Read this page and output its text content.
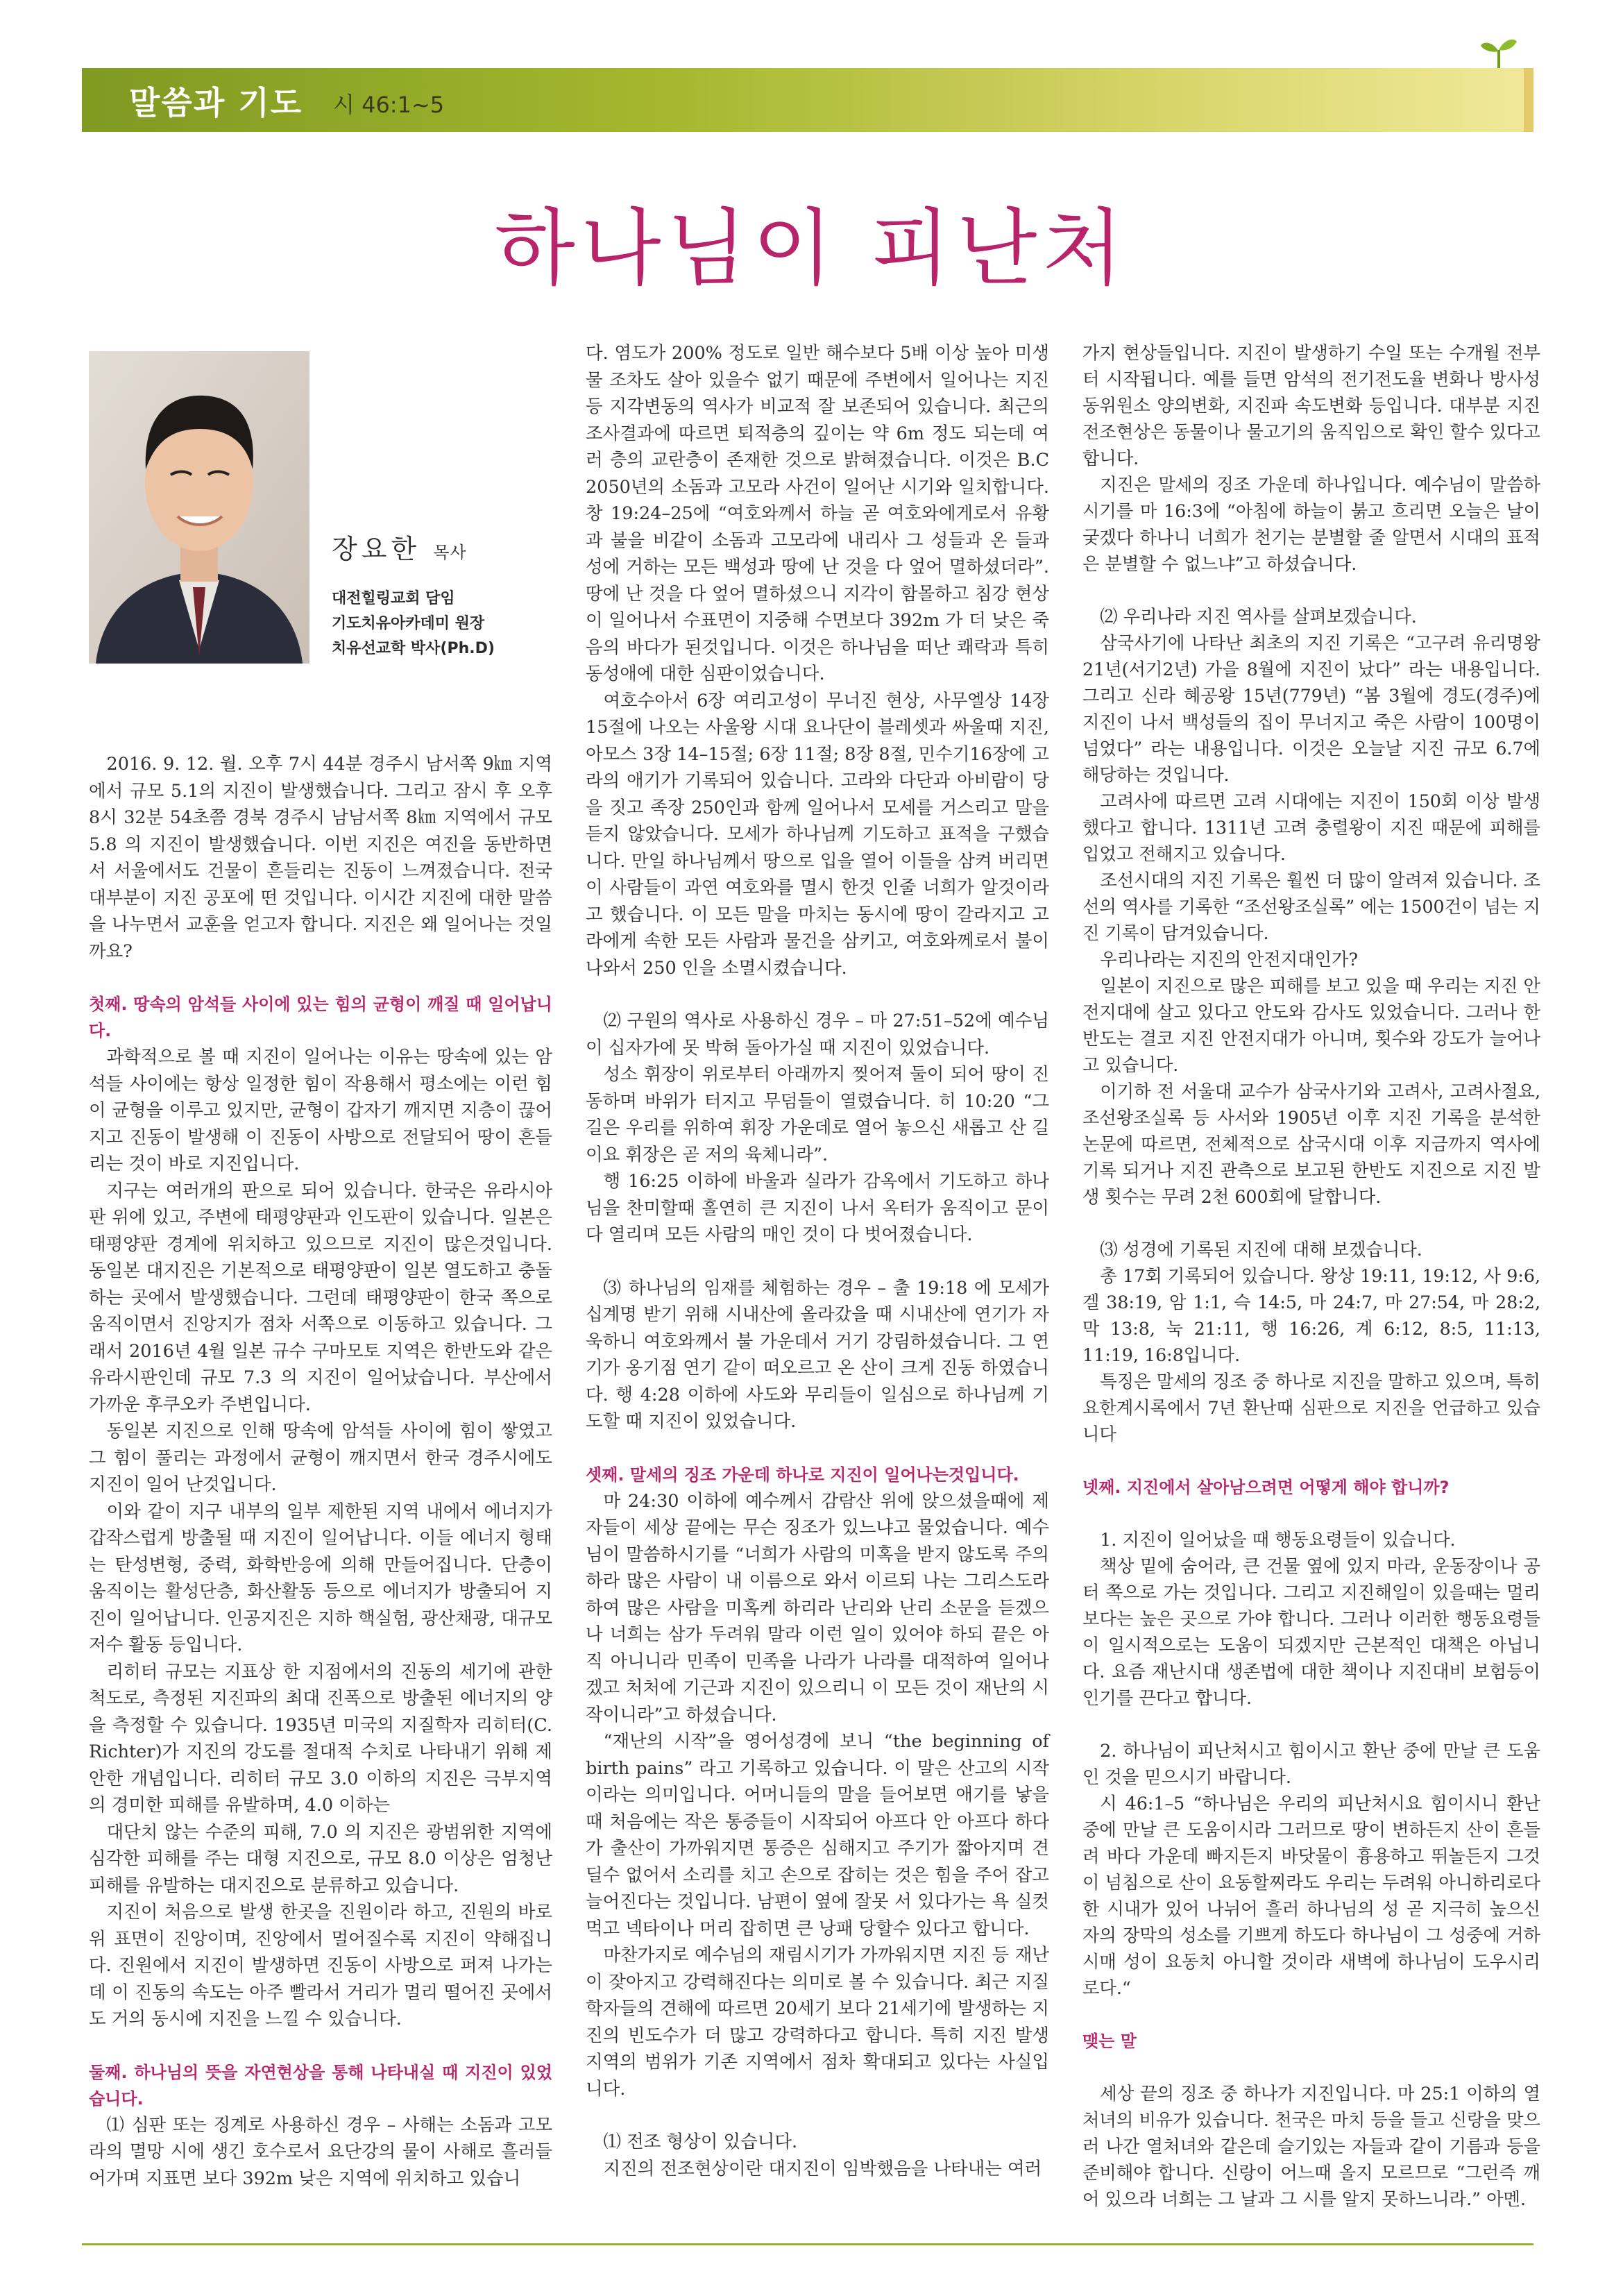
말씀과 기도 시 46:1~5
하나님이 피난처
장요한 목사
대전힐링교회 담임
기도치유아카데미 원장
치유선교학 박사(Ph.D)

2016. 9. 12. 월. 오후 7시 44분 경주시 남서쪽 9㎞ 지역에서 규모 5.1의 지진이 발생했습니다. 그리고 잠시 후 오후 8시 32분 54초쯤 경북 경주시 남남서쪽 8㎞ 지역에서 규모 5.8 의 지진이 발생했습니다. 이번 지진은 여진을 동반하면서 서울에서도 건물이 흔들리는 진동이 느껴졌습니다. 전국 대부분이 지진 공포에 떤 것입니다. 이시간 지진에 대한 말씀을 나누면서 교훈을 얻고자 합니다. 지진은 왜 일어나는 것일까요?

첫째. 땅속의 암석들 사이에 있는 힘의 균형이 깨질 때 일어납니다.

과학적으로 볼 때 지진이 일어나는 이유는 땅속에 있는 암석들 사이에는 항상 일정한 힘이 작용해서 평소에는 이런 힘이 균형을 이루고 있지만, 균형이 갑자기 깨지면 지층이 끊어지고 진동이 발생해 이 진동이 사방으로 전달되어 땅이 흔들리는 것이 바로 지진입니다.

지구는 여러개의 판으로 되어 있습니다. 한국은 유라시아 판 위에 있고, 주변에 태평양판과 인도판이 있습니다. 일본은 태평양판 경계에 위치하고 있으므로 지진이 많은것입니다. 동일본 대지진은 기본적으로 태평양판이 일본 열도하고 충돌하는 곳에서 발생했습니다. 그런데 태평양판이 한국 쪽으로 움직이면서 진앙지가 점차 서쪽으로 이동하고 있습니다. 그래서 2016년 4월 일본 규수 구마모토 지역은 한반도와 같은 유라시판인데 규모 7.3 의 지진이 일어났습니다. 부산에서 가까운 후쿠오카 주변입니다.

동일본 지진으로 인해 땅속에 암석들 사이에 힘이 쌓였고 그 힘이 풀리는 과정에서 균형이 깨지면서 한국 경주시에도 지진이 일어 난것입니다.

이와 같이 지구 내부의 일부 제한된 지역 내에서 에너지가 갑작스럽게 방출될 때 지진이 일어납니다. 이들 에너지 형태는 탄성변형, 중력, 화학반응에 의해 만들어집니다. 단층이 움직이는 활성단층, 화산활동 등으로 에너지가 방출되어 지진이 일어납니다. 인공지진은 지하 핵실험, 광산채광, 대규모 저수 활동 등입니다.

리히터 규모는 지표상 한 지점에서의 진동의 세기에 관한 척도로, 측정된 지진파의 최대 진폭으로 방출된 에너지의 양을 측정할 수 있습니다. 1935년 미국의 지질학자 리히터(C. Richter)가 지진의 강도를 절대적 수치로 나타내기 위해 제안한 개념입니다. 리히터 규모 3.0 이하의 지진은 극부지역의 경미한 피해를 유발하며, 4.0 이하는

대단치 않는 수준의 피해, 7.0 의 지진은 광범위한 지역에 심각한 피해를 주는 대형 지진으로, 규모 8.0 이상은 엄청난 피해를 유발하는 대지진으로 분류하고 있습니다.

지진이 처음으로 발생 한곳을 진원이라 하고, 진원의 바로 위 표면이 진앙이며, 진앙에서 멀어질수록 지진이 약해집니다. 진원에서 지진이 발생하면 진동이 사방으로 퍼져 나가는데 이 진동의 속도는 아주 빨라서 거리가 멀리 떨어진 곳에서도 거의 동시에 지진을 느낄 수 있습니다.

둘째. 하나님의 뜻을 자연현상을 통해 나타내실 때 지진이 있었습니다.

⑴ 심판 또는 징계로 사용하신 경우 – 사해는 소돔과 고모라의 멸망 시에 생긴 호수로서 요단강의 물이 사해로 흘러들어가며 지표면 보다 392m 낮은 지역에 위치하고 있습니

다. 염도가 200% 정도로 일반 해수보다 5배 이상 높아 미생물 조차도 살아 있을수 없기 때문에 주변에서 일어나는 지진 등 지각변동의 역사가 비교적 잘 보존되어 있습니다. 최근의 조사결과에 따르면 퇴적층의 깊이는 약 6m 정도 되는데 여러 층의 교란층이 존재한 것으로 밝혀졌습니다. 이것은 B.C 2050년의 소돔과 고모라 사건이 일어난 시기와 일치합니다. 창 19:24–25에 “여호와께서 하늘 곧 여호와에게로서 유황과 불을 비같이 소돔과 고모라에 내리사 그 성들과 온 들과 성에 거하는 모든 백성과 땅에 난 것을 다 엎어 멸하셨더라”. 땅에 난 것을 다 엎어 멸하셨으니 지각이 함몰하고 침강 현상이 일어나서 수표면이 지중해 수면보다 392m 가 더 낮은 죽음의 바다가 된것입니다. 이것은 하나님을 떠난 쾌락과 특히 동성애에 대한 심판이었습니다.

여호수아서 6장 여리고성이 무너진 현상, 사무엘상 14장 15절에 나오는 사울왕 시대 요나단이 블레셋과 싸울때 지진, 아모스 3장 14–15절; 6장 11절; 8장 8절, 민수기16장에 고라의 애기가 기록되어 있습니다. 고라와 다단과 아비람이 당을 짓고 족장 250인과 함께 일어나서 모세를 거스리고 말을 듣지 않았습니다. 모세가 하나님께 기도하고 표적을 구했습니다. 만일 하나님께서 땅으로 입을 열어 이들을 삼켜 버리면 이 사람들이 과연 여호와를 멸시 한것 인줄 너희가 알것이라고 했습니다. 이 모든 말을 마치는 동시에 땅이 갈라지고 고라에게 속한 모든 사람과 물건을 삼키고, 여호와께로서 불이 나와서 250 인을 소멸시켰습니다.

⑵ 구원의 역사로 사용하신 경우 – 마 27:51–52에 예수님이 십자가에 못 박혀 돌아가실 때 지진이 있었습니다.

성소 휘장이 위로부터 아래까지 찢어져 둘이 되어 땅이 진동하며 바위가 터지고 무덤들이 열렸습니다. 히 10:20 “그 길은 우리를 위하여 휘장 가운데로 열어 놓으신 새롭고 산 길이요 휘장은 곧 저의 육체니라”.

행 16:25 이하에 바울과 실라가 감옥에서 기도하고 하나님을 찬미할때 홀연히 큰 지진이 나서 옥터가 움직이고 문이 다 열리며 모든 사람의 매인 것이 다 벗어졌습니다.

⑶ 하나님의 임재를 체험하는 경우 – 출 19:18 에 모세가 십계명 받기 위해 시내산에 올라갔을 때 시내산에 연기가 자욱하니 여호와께서 불 가운데서 거기 강림하셨습니다. 그 연기가 옹기점 연기 같이 떠오르고 온 산이 크게 진동 하였습니다. 행 4:28 이하에 사도와 무리들이 일심으로 하나님께 기도할 때 지진이 있었습니다.

셋째. 말세의 징조 가운데 하나로 지진이 일어나는것입니다.

마 24:30 이하에 예수께서 감람산 위에 앉으셨을때에 제자들이 세상 끝에는 무슨 징조가 있느냐고 물었습니다. 예수님이 말씀하시기를 “너희가 사람의 미혹을 받지 않도록 주의 하라 많은 사람이 내 이름으로 와서 이르되 나는 그리스도라 하여 많은 사람을 미혹케 하리라 난리와 난리 소문을 듣겠으나 너희는 삼가 두려워 말라 이런 일이 있어야 하되 끝은 아직 아니니라 민족이 민족을 나라가 나라를 대적하여 일어나겠고 처처에 기근과 지진이 있으리니 이 모든 것이 재난의 시작이니라”고 하셨습니다.

“재난의 시작”을 영어성경에 보니 “the beginning of birth pains” 라고 기록하고 있습니다. 이 말은 산고의 시작이라는 의미입니다. 어머니들의 말을 들어보면 애기를 낳을 때 처음에는 작은 통증들이 시작되어 아프다 안 아프다 하다가 출산이 가까워지면 통증은 심해지고 주기가 짧아지며 견딜수 없어서 소리를 치고 손으로 잡히는 것은 힘을 주어 잡고 늘어진다는 것입니다. 남편이 옆에 잘못 서 있다가는 욕 실컷 먹고 넥타이나 머리 잡히면 큰 낭패 당할수 있다고 합니다.

마찬가지로 예수님의 재림시기가 가까워지면 지진 등 재난이 잦아지고 강력해진다는 의미로 볼 수 있습니다. 최근 지질학자들의 견해에 따르면 20세기 보다 21세기에 발생하는 지진의 빈도수가 더 많고 강력하다고 합니다. 특히 지진 발생 지역의 범위가 기존 지역에서 점차 확대되고 있다는 사실입니다.

⑴ 전조 형상이 있습니다.

지진의 전조현상이란 대지진이 임박했음을 나타내는 여러

가지 현상들입니다. 지진이 발생하기 수일 또는 수개월 전부터 시작됩니다. 예를 들면 암석의 전기전도율 변화나 방사성 동위원소 양의변화, 지진파 속도변화 등입니다. 대부분 지진 전조현상은 동물이나 물고기의 움직임으로 확인 할수 있다고 합니다.

지진은 말세의 징조 가운데 하나입니다. 예수님이 말씀하시기를 마 16:3에 “아침에 하늘이 붉고 흐리면 오늘은 날이 궂겠다 하나니 너희가 천기는 분별할 줄 알면서 시대의 표적은 분별할 수 없느냐”고 하셨습니다.

⑵ 우리나라 지진 역사를 살펴보겠습니다.

삼국사기에 나타난 최초의 지진 기록은 “고구려 유리명왕 21년(서기2년) 가을 8월에 지진이 났다” 라는 내용입니다. 그리고 신라 혜공왕 15년(779년) “봄 3월에 경도(경주)에 지진이 나서 백성들의 집이 무너지고 죽은 사람이 100명이 넘었다” 라는 내용입니다. 이것은 오늘날 지진 규모 6.7에 해당하는 것입니다.

고려사에 따르면 고려 시대에는 지진이 150회 이상 발생했다고 합니다. 1311년 고려 충렬왕이 지진 때문에 피해를 입었고 전해지고 있습니다.

조선시대의 지진 기록은 훨씬 더 많이 알려져 있습니다. 조선의 역사를 기록한 “조선왕조실록” 에는 1500건이 넘는 지진 기록이 담겨있습니다.

우리나라는 지진의 안전지대인가?

일본이 지진으로 많은 피해를 보고 있을 때 우리는 지진 안전지대에 살고 있다고 안도와 감사도 있었습니다. 그러나 한반도는 결코 지진 안전지대가 아니며, 횟수와 강도가 늘어나고 있습니다.

이기하 전 서울대 교수가 삼국사기와 고려사, 고려사절요, 조선왕조실록 등 사서와 1905년 이후 지진 기록을 분석한 논문에 따르면, 전체적으로 삼국시대 이후 지금까지 역사에 기록 되거나 지진 관측으로 보고된 한반도 지진으로 지진 발생 횟수는 무려 2천 600회에 달합니다.

⑶ 성경에 기록된 지진에 대해 보겠습니다.

총 17회 기록되어 있습니다. 왕상 19:11, 19:12, 사 9:6, 겔 38:19, 암 1:1, 슥 14:5, 마 24:7, 마 27:54, 마 28:2, 막 13:8, 눅 21:11, 행 16:26, 계 6:12, 8:5, 11:13, 11:19, 16:8입니다.

특징은 말세의 징조 중 하나로 지진을 말하고 있으며, 특히 요한계시록에서 7년 환난때 심판으로 지진을 언급하고 있습니다

넷째. 지진에서 살아남으려면 어떻게 해야 합니까?

1. 지진이 일어났을 때 행동요령들이 있습니다.

책상 밑에 숨어라, 큰 건물 옆에 있지 마라, 운동장이나 공터 쪽으로 가는 것입니다. 그리고 지진해일이 있을때는 멀리 보다는 높은 곳으로 가야 합니다. 그러나 이러한 행동요령들이 일시적으로는 도움이 되겠지만 근본적인 대책은 아닙니다. 요즘 재난시대 생존법에 대한 책이나 지진대비 보험등이 인기를 끈다고 합니다.

2. 하나님이 피난처시고 힘이시고 환난 중에 만날 큰 도움인 것을 믿으시기 바랍니다.

시 46:1–5 “하나님은 우리의 피난처시요 힘이시니 환난 중에 만날 큰 도움이시라 그러므로 땅이 변하든지 산이 흔들려 바다 가운데 빠지든지 바닷물이 흉용하고 뛰놀든지 그것이 넘침으로 산이 요동할찌라도 우리는 두려워 아니하리로다 한 시내가 있어 나뉘어 흘러 하나님의 성 곧 지극히 높으신 자의 장막의 성소를 기쁘게 하도다 하나님이 그 성중에 거하시매 성이 요동치 아니할 것이라 새벽에 하나님이 도우시리로다.“

맺는 말

세상 끝의 징조 중 하나가 지진입니다. 마 25:1 이하의 열 처녀의 비유가 있습니다. 천국은 마치 등을 들고 신랑을 맞으러 나간 열처녀와 같은데 슬기있는 자들과 같이 기름과 등을 준비해야 합니다. 신랑이 어느때 올지 모르므로 “그런즉 깨어 있으라 너희는 그 날과 그 시를 알지 못하느니라.” 아멘.
